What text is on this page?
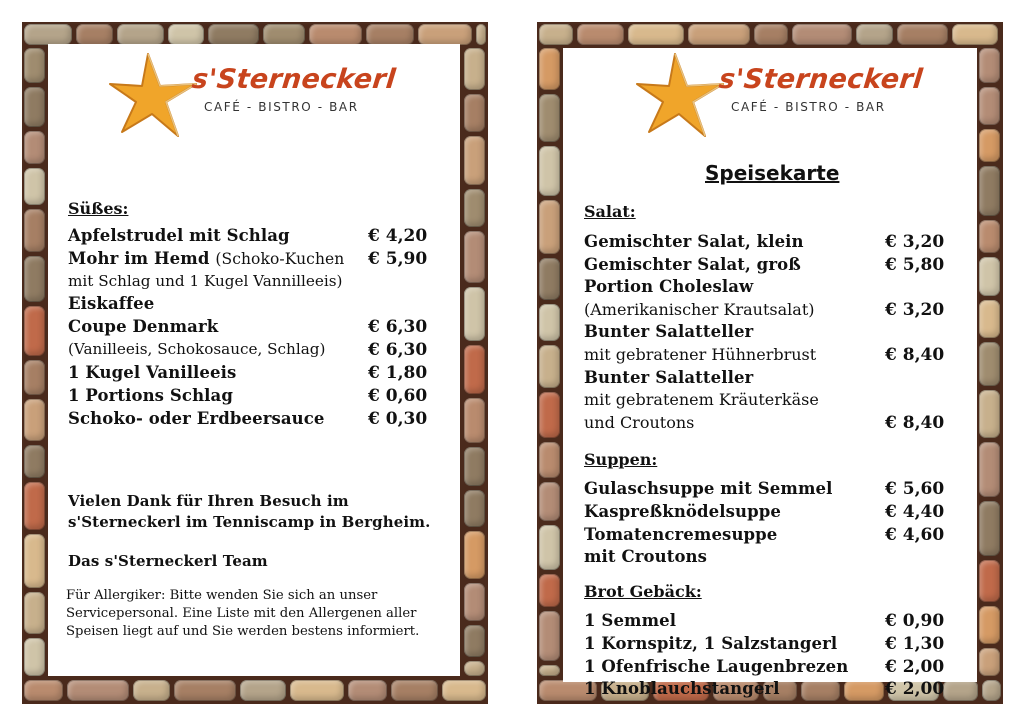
s'Sterneckerl
CAFÉ - BISTRO - BAR
Süßes:
Apfelstrudel mit Schlag	€ 4,20
Mohr im Hemd (Schoko-Kuchen € 5,90
mit Schlag und 1 Kugel Vannilleeis)
Eiskaffee
Coupe Denmark	€ 6,30
(Vanilleeis, Schokosauce, Schlag)	€ 6,30
1 Kugel Vanilleeis	€ 1,80
1 Portions Schlag	€ 0,60
Schoko- oder Erdbeersauce	€ 0,30
Vielen Dank für Ihren Besuch im
s'Sterneckerl im Tenniscamp in Bergheim.
Das s'Sterneckerl Team
Für Allergiker: Bitte wenden Sie sich an unser Servicepersonal. Eine Liste mit den Allergenen aller Speisen liegt auf und Sie werden bestens informiert.
s'Sterneckerl
CAFÉ - BISTRO - BAR
Speisekarte
Salat:
Gemischter Salat, klein	€ 3,20
Gemischter Salat, groß	€ 5,80
Portion Choleslaw
(Amerikanischer Krautsalat)	€ 3,20
Bunter Salatteller
mit gebratener Hühnerbrust	€ 8,40
Bunter Salatteller
mit gebratenem Kräuterkäse
und Croutons	€ 8,40
Suppen:
Gulaschsuppe mit Semmel	€ 5,60
Kaspreßknödelsuppe	€ 4,40
Tomatencremesuppe	€ 4,60
mit Croutons
Brot Gebäck:
1 Semmel	€ 0,90
1 Kornspitz, 1 Salzstangerl	€ 1,30
1 Ofenfrische Laugenbrezen € 2,00
1 Knoblauchstangerl	€ 2,00
